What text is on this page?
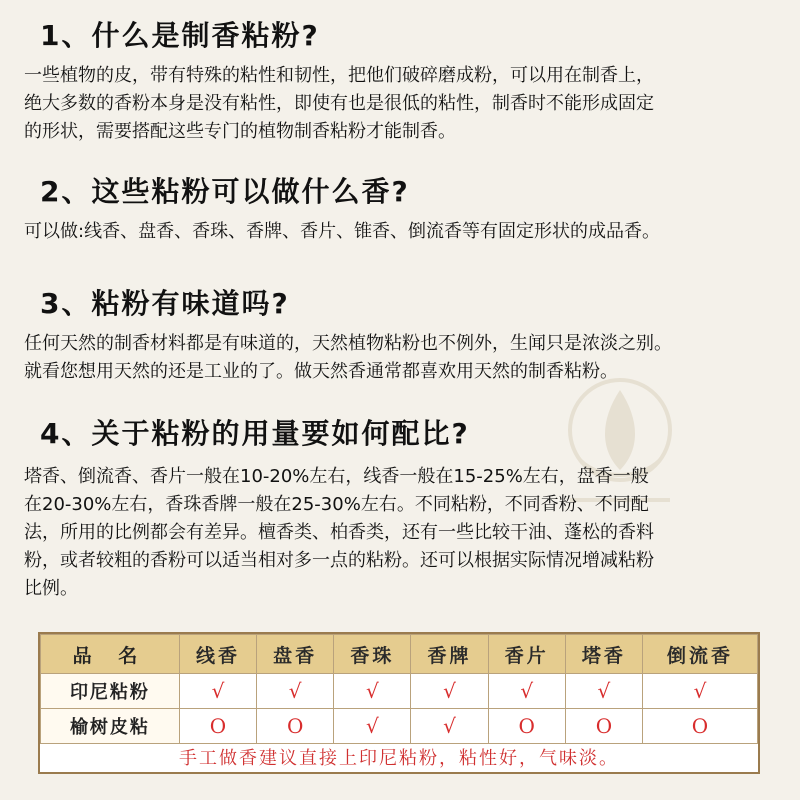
1、什么是制香粘粉?
一些植物的皮，带有特殊的粘性和韧性，把他们破碎磨成粉，可以用在制香上，
绝大多数的香粉本身是没有粘性，即使有也是很低的粘性，制香时不能形成固定
的形状，需要搭配这些专门的植物制香粘粉才能制香。
2、这些粘粉可以做什么香?
可以做:线香、盘香、香珠、香牌、香片、锥香、倒流香等有固定形状的成品香。
3、粘粉有味道吗?
任何天然的制香材料都是有味道的，天然植物粘粉也不例外，生闻只是浓淡之别。
就看您想用天然的还是工业的了。做天然香通常都喜欢用天然的制香粘粉。
4、关于粘粉的用量要如何配比?
塔香、倒流香、香片一般在10-20%左右，线香一般在15-25%左右，盘香一般
在20-30%左右，香珠香牌一般在25-30%左右。不同粘粉，不同香粉、不同配
法，所用的比例都会有差异。檀香类、柏香类，还有一些比较干油、蓬松的香料
粉，或者较粗的香粉可以适当相对多一点的粘粉。还可以根据实际情况增减粘粉
比例。
品 名	线香	盘香	香珠	香牌	香片	塔香	倒流香
印尼粘粉	√	√	√	√	√	√	√
榆树皮粘	O	O	√	√	O	O	O
手工做香建议直接上印尼粘粉，粘性好，气味淡。
